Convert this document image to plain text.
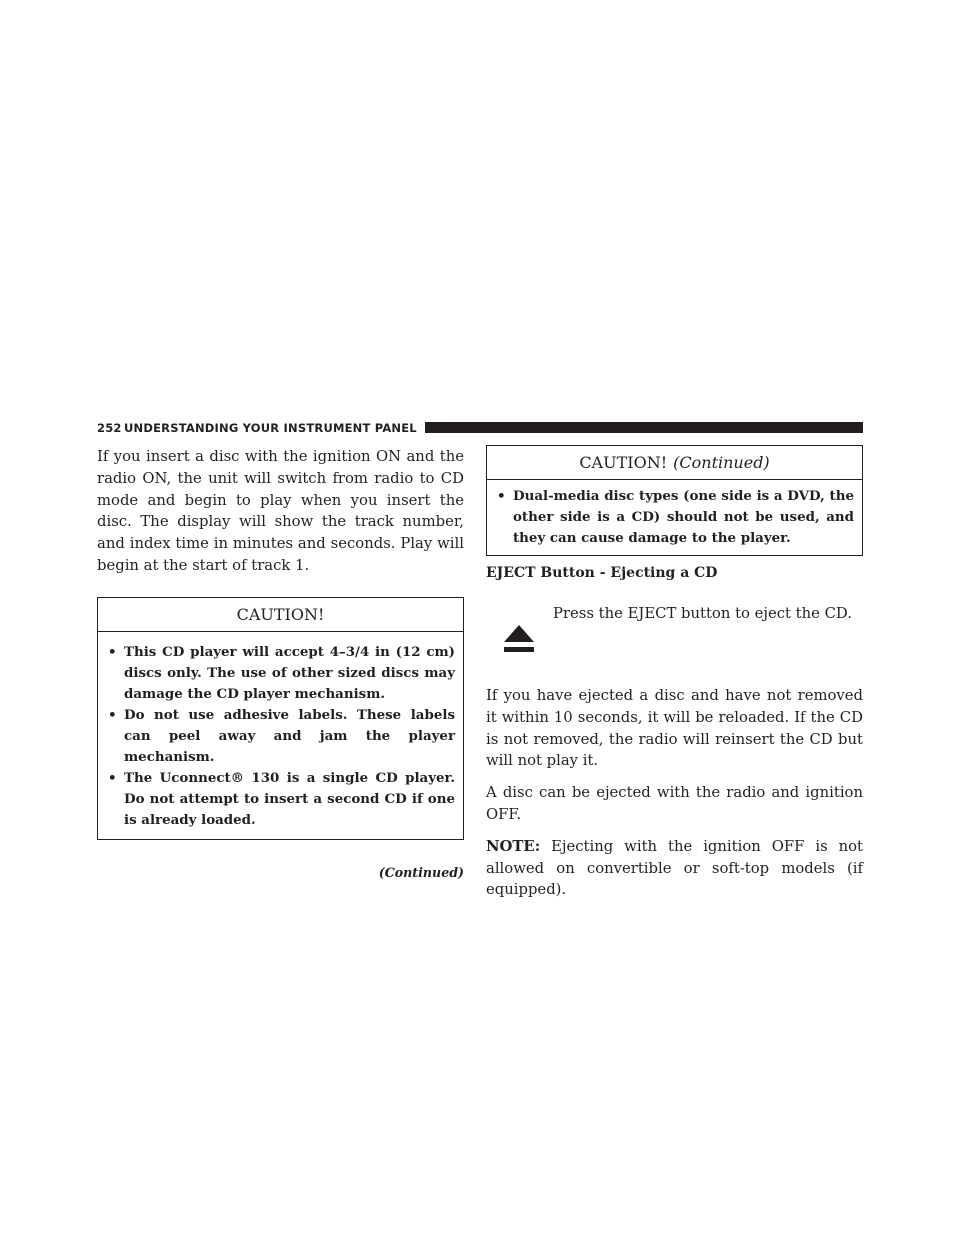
252 UNDERSTANDING YOUR INSTRUMENT PANEL

If you insert a disc with the ignition ON and the radio ON, the unit will switch from radio to CD mode and begin to play when you insert the disc. The display will show the track number, and index time in minutes and seconds. Play will begin at the start of track 1.

CAUTION!
• This CD player will accept 4–3/4 in (12 cm) discs only. The use of other sized discs may damage the CD player mechanism.
• Do not use adhesive labels. These labels can peel away and jam the player mechanism.
• The Uconnect® 130 is a single CD player. Do not attempt to insert a second CD if one is already loaded.
(Continued)
CAUTION! (Continued)
• Dual-media disc types (one side is a DVD, the other side is a CD) should not be used, and they can cause damage to the player.
EJECT Button - Ejecting a CD
Press the EJECT button to eject the CD.

If you have ejected a disc and have not removed it within 10 seconds, it will be reloaded. If the CD is not removed, the radio will reinsert the CD but will not play it.

A disc can be ejected with the radio and ignition OFF.

NOTE: Ejecting with the ignition OFF is not allowed on convertible or soft-top models (if equipped).
